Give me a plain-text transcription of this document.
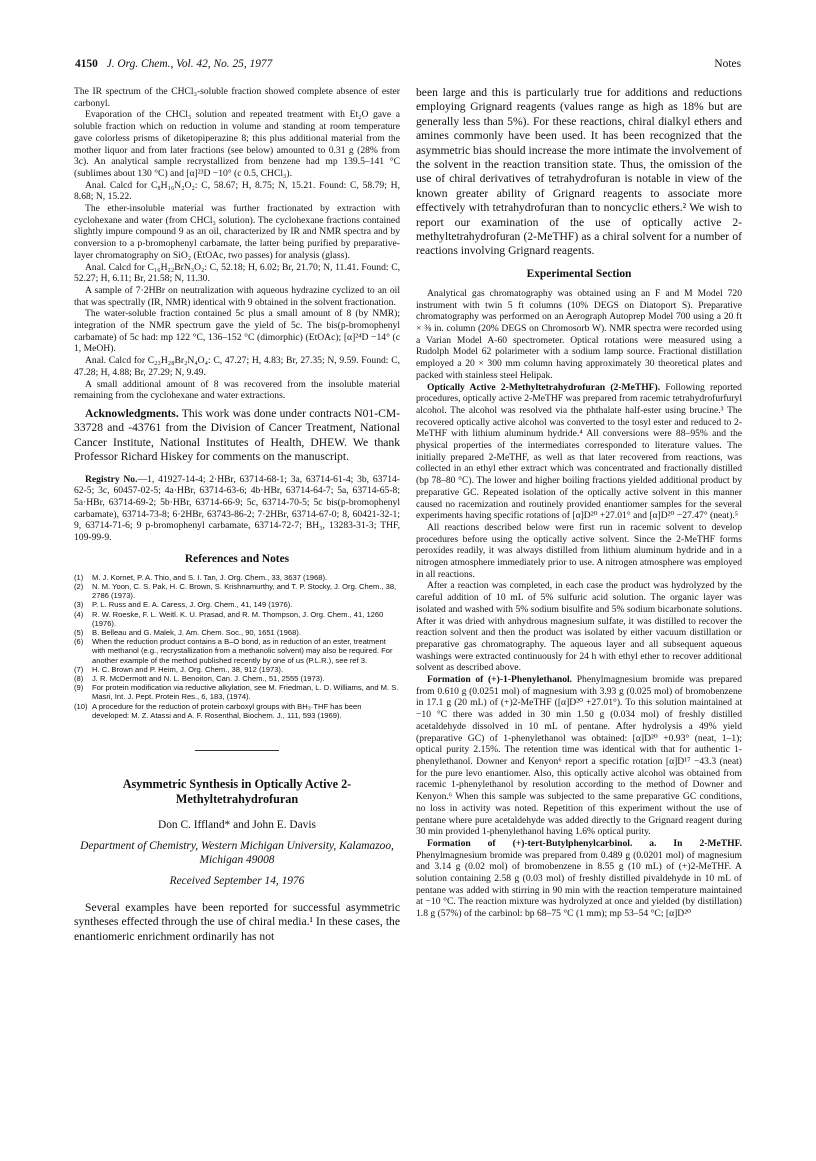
4150 J. Org. Chem., Vol. 42, No. 25, 1977	Notes

The IR spectrum of the CHCl₃-soluble fraction showed complete absence of ester carbonyl.

Evaporation of the CHCl₃ solution and repeated treatment with Et₂O gave a soluble fraction which on reduction in volume and standing at room temperature gave colorless prisms of diketopiperazine 8; this plus additional material from the mother liquor and from later fractions (see below) amounted to 0.31 g (28% from 3c). An analytical sample recrystallized from benzene had mp 139.5–141 °C (sublimes about 130 °C) and [α]²³D −10° (c 0.5, CHCl₃).

Anal. Calcd for C₈H₁₆N₂O₂: C, 58.67; H, 8.75; N, 15.21. Found: C, 58.79; H, 8.68; N, 15.22.

The ether-insoluble material was further fractionated by extraction with cyclohexane and water (from CHCl₃ solution). The cyclohexane fractions contained slightly impure compound 9 as an oil, characterized by IR and NMR spectra and by conversion to a p-bromophenyl carbamate, the latter being purified by preparative-layer chromatography on SiO₂ (EtOAc, two passes) for analysis (glass).

Anal. Calcd for C₁₆H₂₂BrN₃O₂: C, 52.18; H, 6.02; Br, 21.70; N, 11.41. Found: C, 52.27; H, 6.11; Br, 21.58; N, 11.30.

A sample of 7·2HBr on neutralization with aqueous hydrazine cyclized to an oil that was spectrally (IR, NMR) identical with 9 obtained in the solvent fractionation.

The water-soluble fraction contained 5c plus a small amount of 8 (by NMR); integration of the NMR spectrum gave the yield of 5c. The bis(p-bromophenyl carbamate) of 5c had: mp 122 °C, 136–152 °C (dimorphic) (EtOAc); [α]²⁴D −14° (c 1, MeOH).

Anal. Calcd for C₂₃H₂₈Br₂N₄O₄: C, 47.27; H, 4.83; Br, 27.35; N, 9.59. Found: C, 47.28; H, 4.88; Br, 27.29; N, 9.49.

A small additional amount of 8 was recovered from the insoluble material remaining from the cyclohexane and water extractions.

Acknowledgments. This work was done under contracts N01-CM-33728 and -43761 from the Division of Cancer Treatment, National Cancer Institute, National Institutes of Health, DHEW. We thank Professor Richard Hiskey for comments on the manuscript.

Registry No.—1, 41927-14-4; 2·HBr, 63714-68-1; 3a, 63714-61-4; 3b, 63714-62-5; 3c, 60457-02-5; 4a·HBr, 63714-63-6; 4b·HBr, 63714-64-7; 5a, 63714-65-8; 5a·HBr, 63714-69-2; 5b·HBr, 63714-66-9; 5c, 63714-70-5; 5c bis(p-bromophenyl carbamate), 63714-73-8; 6·2HBr, 63743-86-2; 7·2HBr, 63714-67-0; 8, 60421-32-1; 9, 63714-71-6; 9 p-bromophenyl carbamate, 63714-72-7; BH₃, 13283-31-3; THF, 109-99-9.

References and Notes
(1)	M. J. Kornet, P. A. Thio, and S. I. Tan, J. Org. Chem., 33, 3637 (1968).
(2)	N. M. Yoon, C. S. Pak, H. C. Brown, S. Krishnamurthy, and T. P. Stocky, J. Org. Chem., 38, 2786 (1973).
(3)	P. L. Russ and E. A. Caress, J. Org. Chem., 41, 149 (1976).
(4)	R. W. Roeske, F. L. Weitl. K. U. Prasad, and R. M. Thompson, J. Org. Chem., 41, 1260 (1976).
(5)	B. Belleau and G. Malek, J. Am. Chem. Soc., 90, 1651 (1968).
(6)	When the reduction product contains a B–O bond, as in reduction of an ester, treatment with methanol (e.g., recrystallization from a methanolic solvent) may also be required. For another example of the method published recently by one of us (P.L.R.), see ref 3.
(7)	H. C. Brown and P. Heim, J. Org. Chem., 38, 912 (1973).
(8)	J. R. McDermott and N. L. Benoiton, Can. J. Chem., 51, 2555 (1973).
(9)	For protein modification via reductive alkylation, see M. Friedman, L. D. Williams, and M. S. Masri, Int. J. Pept. Protein Res., 6, 183, (1974).
(10) A procedure for the reduction of protein carboxyl groups with BH₃·THF has been developed: M. Z. Atassi and A. F. Rosenthal, Biochem. J., 111, 593 (1969).
Asymmetric Synthesis in Optically Active 2-Methyltetrahydrofuran
Don C. Iffland* and John E. Davis
Department of Chemistry, Western Michigan University, Kalamazoo, Michigan 49008
Received September 14, 1976

Several examples have been reported for successful asymmetric syntheses effected through the use of chiral media.¹ In these cases, the enantiomeric enrichment ordinarily has not

been large and this is particularly true for additions and reductions employing Grignard reagents (values range as high as 18% but are generally less than 5%). For these reactions, chiral dialkyl ethers and amines commonly have been used. It has been recognized that the asymmetric bias should increase the more intimate the involvement of the solvent in the reaction transition state. Thus, the omission of the use of chiral derivatives of tetrahydrofuran is notable in view of the known greater ability of Grignard reagents to associate more effectively with tetrahydrofuran than to noncyclic ethers.² We wish to report our examination of the use of optically active 2-methyltetrahydrofuran (2-MeTHF) as a chiral solvent for a number of reactions involving Grignard reagents.

Experimental Section

Analytical gas chromatography was obtained using an F and M Model 720 instrument with twin 5 ft columns (10% DEGS on Diatoport S). Preparative chromatography was performed on an Aerograph Autoprep Model 700 using a 20 ft × ⅜ in. column (20% DEGS on Chromosorb W). NMR spectra were recorded using a Varian Model A-60 spectrometer. Optical rotations were measured using a Rudolph Model 62 polarimeter with a sodium lamp source. Fractional distillation employed a 20 × 300 mm column having approximately 30 theoretical plates and packed with stainless steel Helipak.

Optically Active 2-Methyltetrahydrofuran (2-MeTHF). Following reported procedures, optically active 2-MeTHF was prepared from racemic tetrahydrofurfuryl alcohol. The alcohol was resolved via the phthalate half-ester using brucine.³ The recovered optically active alcohol was converted to the tosyl ester and reduced to 2-MeTHF with lithium aluminum hydride.⁴ All conversions were 88–95% and the physical properties of the intermediates corresponded to literature values. The initially prepared 2-MeTHF, as well as that later recovered from reactions, was collected in an ethyl ether extract which was concentrated and fractionally distilled (bp 78–80 °C). The lower and higher boiling fractions yielded additional product by preparative GC. Repeated isolation of the optically active solvent in this manner caused no racemization and routinely provided enantiomer samples for the several experiments having specific rotations of [α]D²⁰ +27.01° and [α]D²⁰ −27.47° (neat).⁵

All reactions described below were first run in racemic solvent to develop procedures before using the optically active solvent. Since the 2-MeTHF forms peroxides readily, it was always distilled from lithium aluminum hydride and in a nitrogen atmosphere immediately prior to use. A nitrogen atmosphere was employed in all reactions.

After a reaction was completed, in each case the product was hydrolyzed by the careful addition of 10 mL of 5% sulfuric acid solution. The organic layer was isolated and washed with 5% sodium bisulfite and 5% sodium bicarbonate solutions. After it was dried with anhydrous magnesium sulfate, it was distilled to recover the reaction solvent and then the product was isolated by either vacuum distillation or preparative gas chromatography. The aqueous layer and all subsequent aqueous washings were extracted continuously for 24 h with ethyl ether to recover additional solvent as described above.

Formation of (+)-1-Phenylethanol. Phenylmagnesium bromide was prepared from 0.610 g (0.0251 mol) of magnesium with 3.93 g (0.025 mol) of bromobenzene in 17.1 g (20 mL) of (+)2-MeTHF ([α]D²⁰ +27.01°). To this solution maintained at −10 °C there was added in 30 min 1.50 g (0.034 mol) of freshly distilled acetaldehyde dissolved in 10 mL of pentane. After hydrolysis a 49% yield (preparative GC) of 1-phenylethanol was obtained: [α]D²⁰ +0.93° (neat, 1–1); optical purity 2.15%. The retention time was identical with that for authentic 1-phenylethanol. Downer and Kenyon⁶ report a specific rotation [α]D¹⁷ −43.3 (neat) for the pure levo enantiomer. Also, this optically active alcohol was obtained from racemic 1-phenylethanol by resolution according to the method of Downer and Kenyon.⁶ When this sample was subjected to the same preparative GC conditions, no loss in activity was noted. Repetition of this experiment without the use of pentane where pure acetaldehyde was added directly to the Grignard reagent during 30 min provided 1-phenylethanol having 1.6% optical purity.

Formation of (+)-tert-Butylphenylcarbinol. a. In 2-MeTHF. Phenylmagnesium bromide was prepared from 0.489 g (0.0201 mol) of magnesium and 3.14 g (0.02 mol) of bromobenzene in 8.55 g (10 mL) of (+)2-MeTHF. A solution containing 2.58 g (0.03 mol) of freshly distilled pivaldehyde in 10 mL of pentane was added with stirring in 90 min with the reaction temperature maintained at −10 °C. The reaction mixture was hydrolyzed at once and yielded (by distillation) 1.8 g (57%) of the carbinol: bp 68–75 °C (1 mm); mp 53–54 °C; [α]D²⁰
